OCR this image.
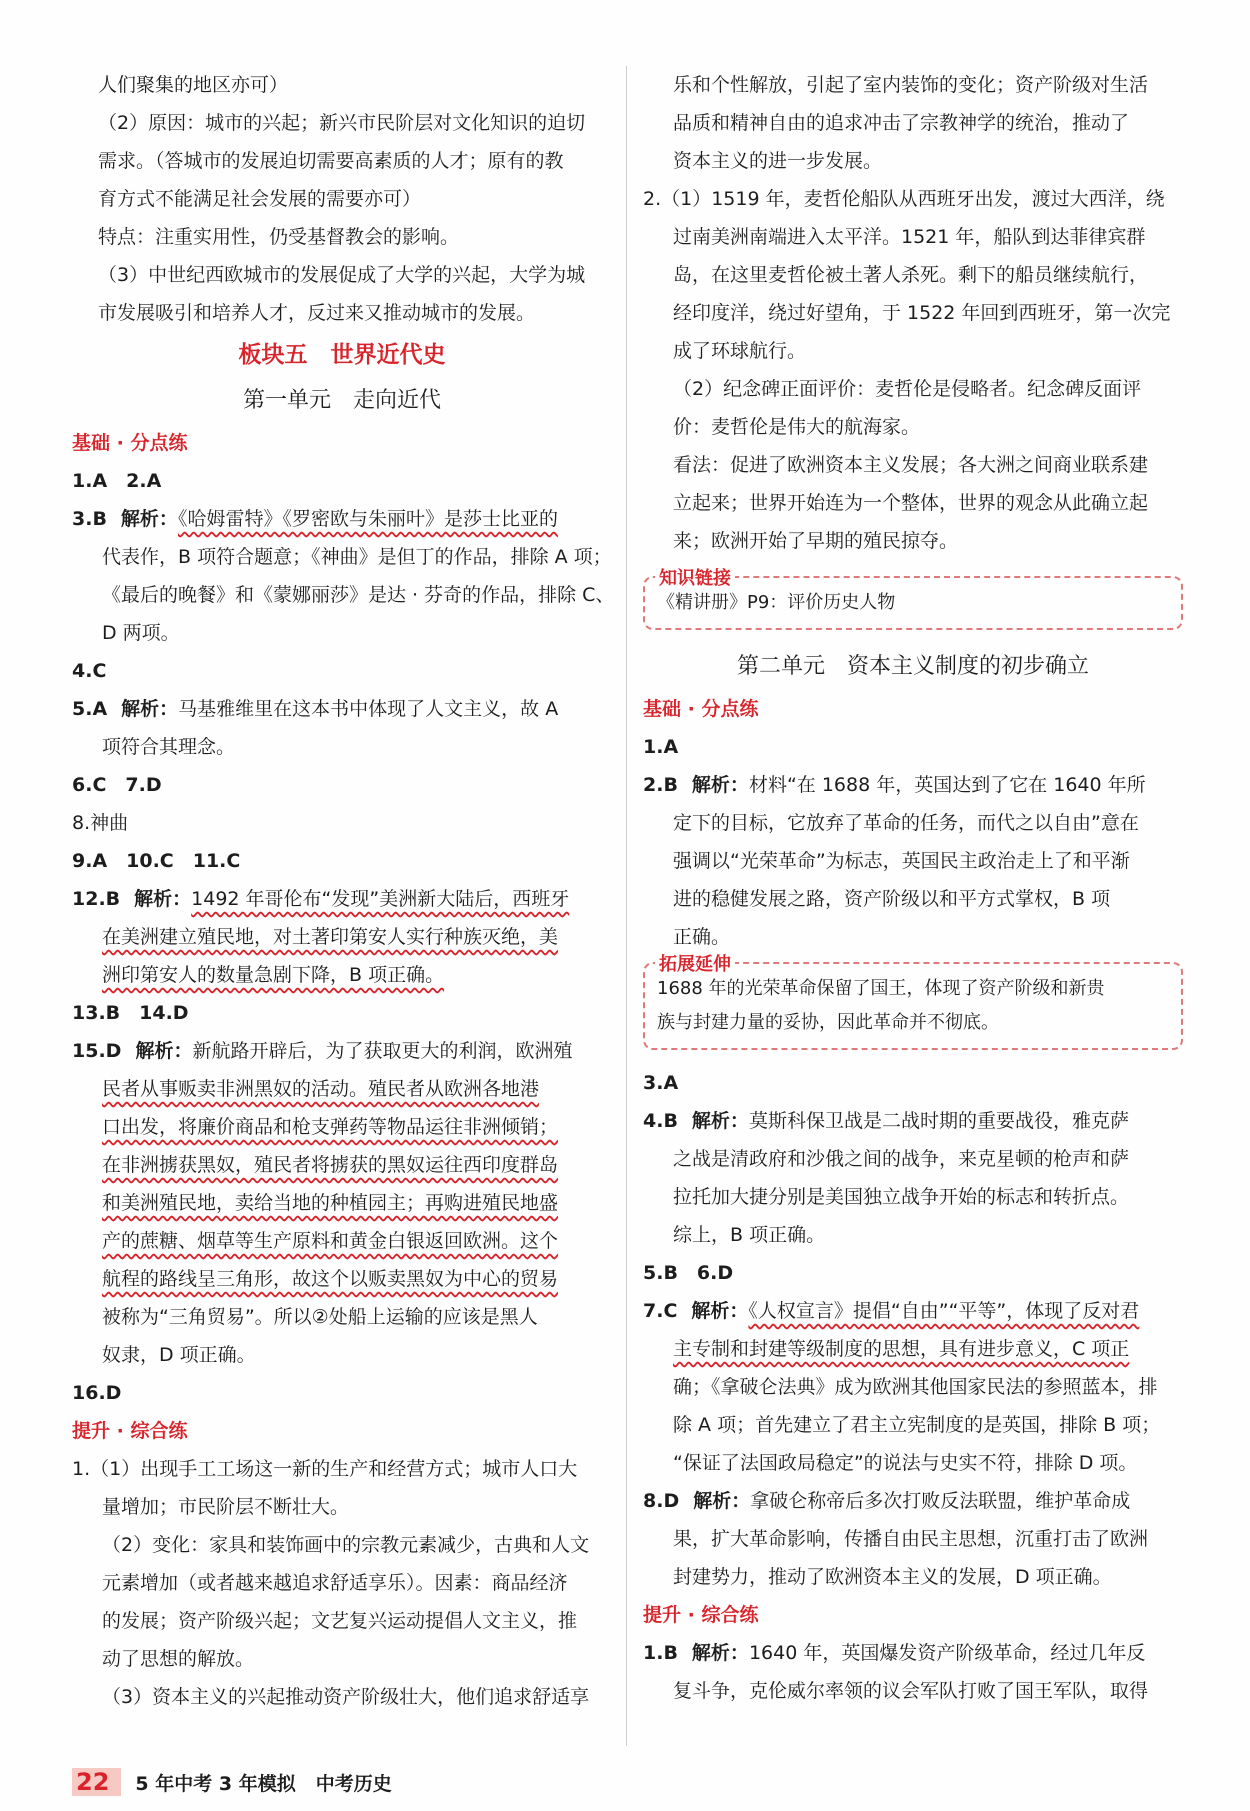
人们聚集的地区亦可）
（2）原因：城市的兴起；新兴市民阶层对文化知识的迫切
需求。（答城市的发展迫切需要高素质的人才；原有的教
育方式不能满足社会发展的需要亦可）
特点：注重实用性，仍受基督教会的影响。
（3）中世纪西欧城市的发展促成了大学的兴起，大学为城
市发展吸引和培养人才，反过来又推动城市的发展。
板块五　世界近代史
第一单元　走向近代
基础 · 分点练
1.A　2.A
3.B 解析：《哈姆雷特》《罗密欧与朱丽叶》是莎士比亚的
代表作，B 项符合题意；《神曲》是但丁的作品，排除 A 项；
《最后的晚餐》和《蒙娜丽莎》是达 · 芬奇的作品，排除 C、
D 两项。
4.C
5.A 解析：马基雅维里在这本书中体现了人文主义，故 A
项符合其理念。
6.C　7.D
8.神曲
9.A　10.C　11.C
12.B 解析：1492 年哥伦布“发现”美洲新大陆后，西班牙
在美洲建立殖民地，对土著印第安人实行种族灭绝，美
洲印第安人的数量急剧下降，B 项正确。
13.B　14.D
15.D 解析：新航路开辟后，为了获取更大的利润，欧洲殖
民者从事贩卖非洲黑奴的活动。殖民者从欧洲各地港
口出发，将廉价商品和枪支弹药等物品运往非洲倾销；
在非洲掳获黑奴，殖民者将掳获的黑奴运往西印度群岛
和美洲殖民地，卖给当地的种植园主；再购进殖民地盛
产的蔗糖、烟草等生产原料和黄金白银返回欧洲。这个
航程的路线呈三角形，故这个以贩卖黑奴为中心的贸易
被称为“三角贸易”。所以②处船上运输的应该是黑人
奴隶，D 项正确。
16.D
提升 · 综合练
1.（1）出现手工工场这一新的生产和经营方式；城市人口大
量增加；市民阶层不断壮大。
（2）变化：家具和装饰画中的宗教元素减少，古典和人文
元素增加（或者越来越追求舒适享乐）。因素：商品经济
的发展；资产阶级兴起；文艺复兴运动提倡人文主义，推
动了思想的解放。
（3）资本主义的兴起推动资产阶级壮大，他们追求舒适享
乐和个性解放，引起了室内装饰的变化；资产阶级对生活
品质和精神自由的追求冲击了宗教神学的统治，推动了
资本主义的进一步发展。
2.（1）1519 年，麦哲伦船队从西班牙出发，渡过大西洋，绕
过南美洲南端进入太平洋。1521 年，船队到达菲律宾群
岛，在这里麦哲伦被土著人杀死。剩下的船员继续航行，
经印度洋，绕过好望角，于 1522 年回到西班牙，第一次完
成了环球航行。
（2）纪念碑正面评价：麦哲伦是侵略者。纪念碑反面评
价：麦哲伦是伟大的航海家。
看法：促进了欧洲资本主义发展；各大洲之间商业联系建
立起来；世界开始连为一个整体，世界的观念从此确立起
来；欧洲开始了早期的殖民掠夺。
知识链接
《精讲册》P9：评价历史人物
第二单元　资本主义制度的初步确立
基础 · 分点练
1.A
2.B 解析：材料“在 1688 年，英国达到了它在 1640 年所
定下的目标，它放弃了革命的任务，而代之以自由”意在
强调以“光荣革命”为标志，英国民主政治走上了和平渐
进的稳健发展之路，资产阶级以和平方式掌权，B 项
正确。
拓展延伸
1688 年的光荣革命保留了国王，体现了资产阶级和新贵
族与封建力量的妥协，因此革命并不彻底。
3.A
4.B 解析：莫斯科保卫战是二战时期的重要战役，雅克萨
之战是清政府和沙俄之间的战争，来克星顿的枪声和萨
拉托加大捷分别是美国独立战争开始的标志和转折点。
综上，B 项正确。
5.B　6.D
7.C 解析：《人权宣言》提倡“自由”“平等”，体现了反对君
主专制和封建等级制度的思想，具有进步意义，C 项正
确；《拿破仑法典》成为欧洲其他国家民法的参照蓝本，排
除 A 项；首先建立了君主立宪制度的是英国，排除 B 项；
“保证了法国政局稳定”的说法与史实不符，排除 D 项。
8.D 解析：拿破仑称帝后多次打败反法联盟，维护革命成
果，扩大革命影响，传播自由民主思想，沉重打击了欧洲
封建势力，推动了欧洲资本主义的发展，D 项正确。
提升 · 综合练
1.B 解析：1640 年，英国爆发资产阶级革命，经过几年反
复斗争，克伦威尔率领的议会军队打败了国王军队，取得
22	5 年中考 3 年模拟 中考历史
